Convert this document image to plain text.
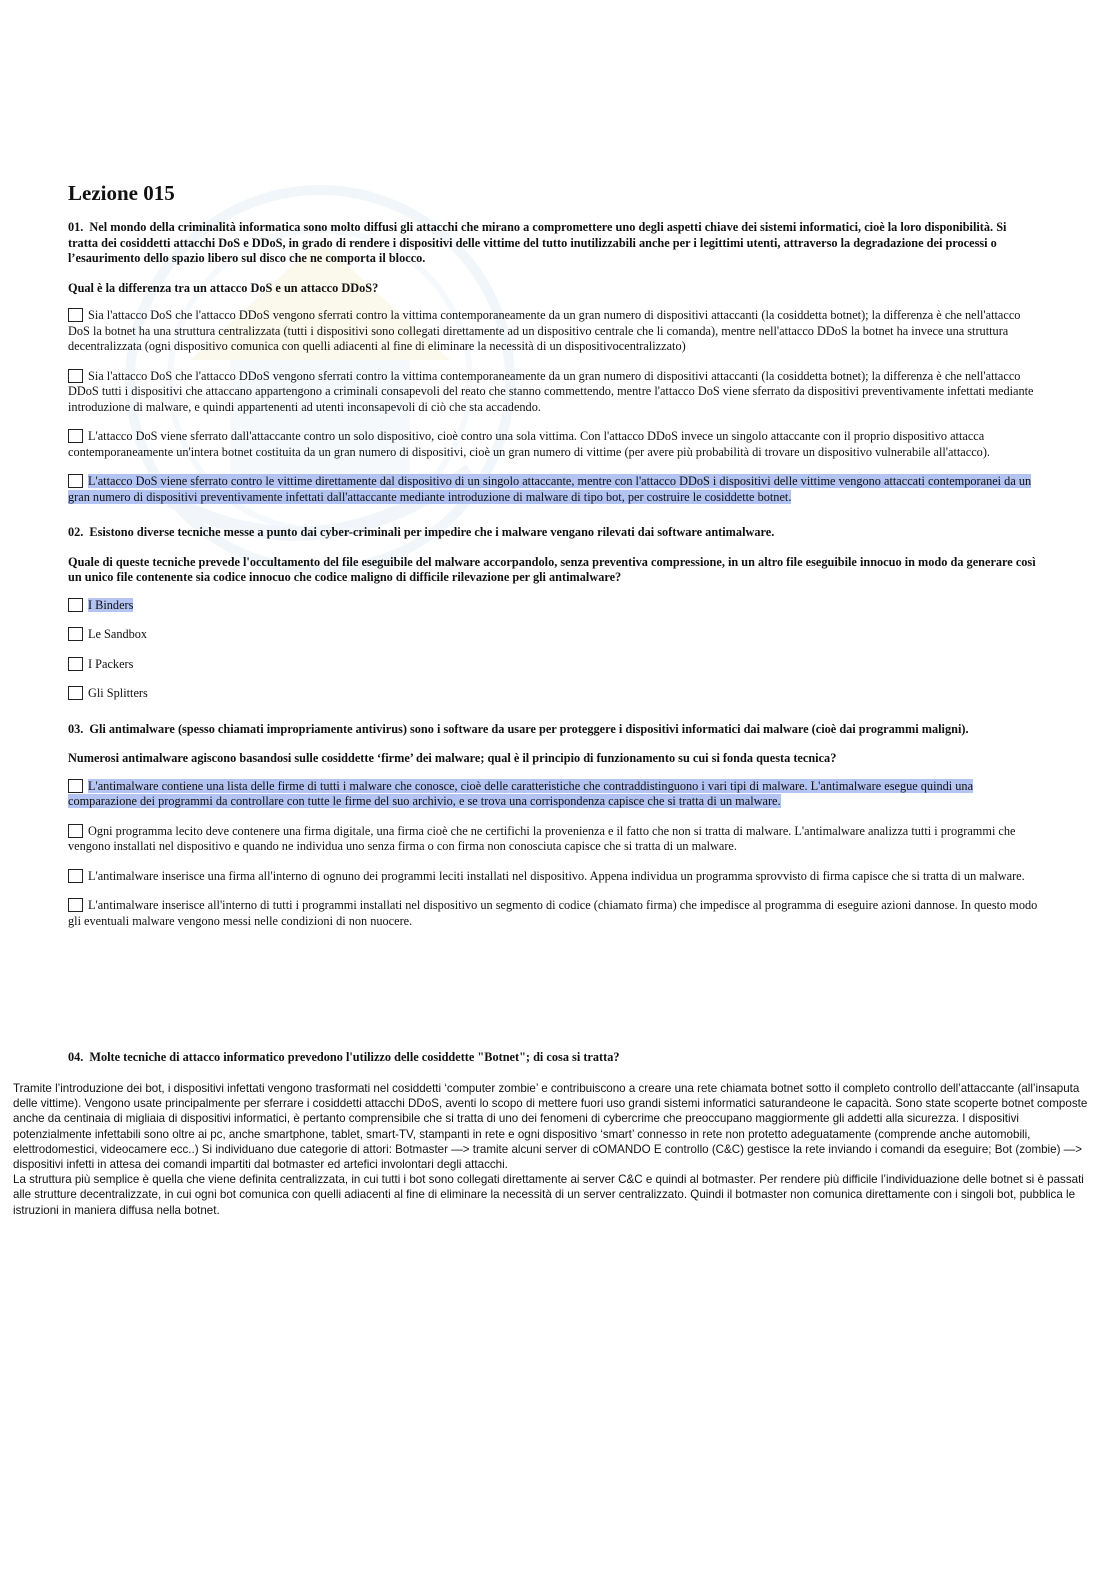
Lezione 015

01. Nel mondo della criminalità informatica sono molto diffusi gli attacchi che mirano a compromettere uno degli aspetti chiave dei sistemi informatici, cioè la loro disponibilità. Si tratta dei cosiddetti attacchi DoS e DDoS, in grado di rendere i dispositivi delle vittime del tutto inutilizzabili anche per i legittimi utenti, attraverso la degradazione dei processi o l’esaurimento dello spazio libero sul disco che ne comporta il blocco.

Qual è la differenza tra un attacco DoS e un attacco DDoS?

Sia l'attacco DoS che l'attacco DDoS vengono sferrati contro la vittima contemporaneamente da un gran numero di dispositivi attaccanti (la cosiddetta botnet); la differenza è che nell'attacco DoS la botnet ha una struttura centralizzata (tutti i dispositivi sono collegati direttamente ad un dispositivo centrale che li comanda), mentre nell'attacco DDoS la botnet ha invece una struttura decentralizzata (ogni dispositivo comunica con quelli adiacenti al fine di eliminare la necessità di un dispositivocentralizzato)
Sia l'attacco DoS che l'attacco DDoS vengono sferrati contro la vittima contemporaneamente da un gran numero di dispositivi attaccanti (la cosiddetta botnet); la differenza è che nell'attacco DDoS tutti i dispositivi che attaccano appartengono a criminali consapevoli del reato che stanno commettendo, mentre l'attacco DoS viene sferrato da dispositivi preventivamente infettati mediante introduzione di malware, e quindi appartenenti ad utenti inconsapevoli di ciò che sta accadendo.
L'attacco DoS viene sferrato dall'attaccante contro un solo dispositivo, cioè contro una sola vittima. Con l'attacco DDoS invece un singolo attaccante con il proprio dispositivo attacca contemporaneamente un'intera botnet costituita da un gran numero di dispositivi, cioè un gran numero di vittime (per avere più probabilità di trovare un dispositivo vulnerabile all'attacco).
L'attacco DoS viene sferrato contro le vittime direttamente dal dispositivo di un singolo attaccante, mentre con l'attacco DDoS i dispositivi delle vittime vengono attaccati contemporanei da un gran numero di dispositivi preventivamente infettati dall'attaccante mediante introduzione di malware di tipo bot, per costruire le cosiddette botnet.

02. Esistono diverse tecniche messe a punto dai cyber-criminali per impedire che i malware vengano rilevati dai software antimalware.

Quale di queste tecniche prevede l'occultamento del file eseguibile del malware accorpandolo, senza preventiva compressione, in un altro file eseguibile innocuo in modo da generare così un unico file contenente sia codice innocuo che codice maligno di difficile rilevazione per gli antimalware?

I Binders
Le Sandbox
I Packers
Gli Splitters

03. Gli antimalware (spesso chiamati impropriamente antivirus) sono i software da usare per proteggere i dispositivi informatici dai malware (cioè dai programmi maligni).

Numerosi antimalware agiscono basandosi sulle cosiddette ‘firme’ dei malware; qual è il principio di funzionamento su cui si fonda questa tecnica?

L'antimalware contiene una lista delle firme di tutti i malware che conosce, cioè delle caratteristiche che contraddistinguono i vari tipi di malware. L'antimalware esegue quindi una comparazione dei programmi da controllare con tutte le firme del suo archivio, e se trova una corrispondenza capisce che si tratta di un malware.
Ogni programma lecito deve contenere una firma digitale, una firma cioè che ne certifichi la provenienza e il fatto che non si tratta di malware. L'antimalware analizza tutti i programmi che vengono installati nel dispositivo e quando ne individua uno senza firma o con firma non conosciuta capisce che si tratta di un malware.
L'antimalware inserisce una firma all'interno di ognuno dei programmi leciti installati nel dispositivo. Appena individua un programma sprovvisto di firma capisce che si tratta di un malware.
L'antimalware inserisce all'interno di tutti i programmi installati nel dispositivo un segmento di codice (chiamato firma) che impedisce al programma di eseguire azioni dannose. In questo modo gli eventuali malware vengono messi nelle condizioni di non nuocere.

04. Molte tecniche di attacco informatico prevedono l'utilizzo delle cosiddette "Botnet"; di cosa si tratta?

Tramite l’introduzione dei bot, i dispositivi infettati vengono trasformati nel cosiddetti ‘computer zombie’ e contribuiscono a creare una rete chiamata botnet sotto il completo controllo dell’attaccante (all’insaputa delle vittime). Vengono usate principalmente per sferrare i cosiddetti attacchi DDoS, aventi lo scopo di mettere fuori uso grandi sistemi informatici saturandeone le capacità. Sono state scoperte botnet composte anche da centinaia di migliaia di dispositivi informatici, è pertanto comprensibile che si tratta di uno dei fenomeni di cybercrime che preoccupano maggiormente gli addetti alla sicurezza. I dispositivi potenzialmente infettabili sono oltre ai pc, anche smartphone, tablet, smart-TV, stampanti in rete e ogni dispositivo ‘smart’ connesso in rete non protetto adeguatamente (comprende anche automobili, elettrodomestici, videocamere ecc..) Si individuano due categorie di attori: Botmaster —> tramite alcuni server di cOMANDO E controllo (C&C) gestisce la rete inviando i comandi da eseguire; Bot (zombie) —> dispositivi infetti in attesa dei comandi impartiti dal botmaster ed artefici involontari degli attacchi.

La struttura più semplice è quella che viene definita centralizzata, in cui tutti i bot sono collegati direttamente ai server C&C e quindi al botmaster. Per rendere più difficile l’individuazione delle botnet si è passati alle strutture decentralizzate, in cui ogni bot comunica con quelli adiacenti al fine di eliminare la necessità di un server centralizzato. Quindi il botmaster non comunica direttamente con i singoli bot, pubblica le istruzioni in maniera diffusa nella botnet.
